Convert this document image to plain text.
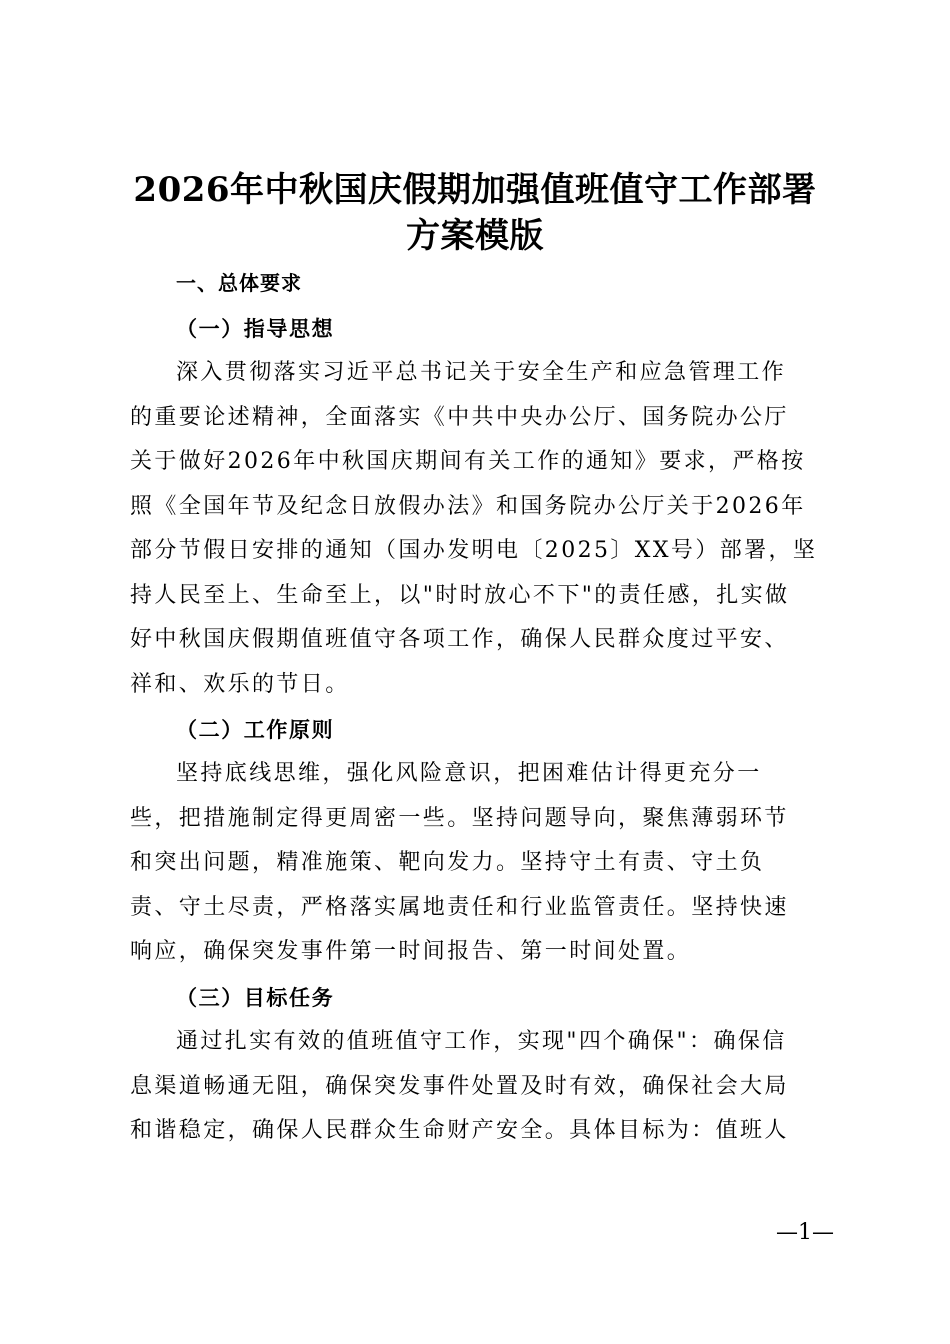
2026年中秋国庆假期加强值班值守工作部署
方案模版
一、总体要求
（一）指导思想
深入贯彻落实习近平总书记关于安全生产和应急管理工作
的重要论述精神，全面落实《中共中央办公厅、国务院办公厅
关于做好2026年中秋国庆期间有关工作的通知》要求，严格按
照《全国年节及纪念日放假办法》和国务院办公厅关于2026年
部分节假日安排的通知（国办发明电〔2025〕XX号）部署，坚
持人民至上、生命至上，以"时时放心不下"的责任感，扎实做
好中秋国庆假期值班值守各项工作，确保人民群众度过平安、
祥和、欢乐的节日。
（二）工作原则
坚持底线思维，强化风险意识，把困难估计得更充分一
些，把措施制定得更周密一些。坚持问题导向，聚焦薄弱环节
和突出问题，精准施策、靶向发力。坚持守土有责、守土负
责、守土尽责，严格落实属地责任和行业监管责任。坚持快速
响应，确保突发事件第一时间报告、第一时间处置。
（三）目标任务
通过扎实有效的值班值守工作，实现"四个确保"：确保信
息渠道畅通无阻，确保突发事件处置及时有效，确保社会大局
和谐稳定，确保人民群众生命财产安全。具体目标为：值班人
—1—
